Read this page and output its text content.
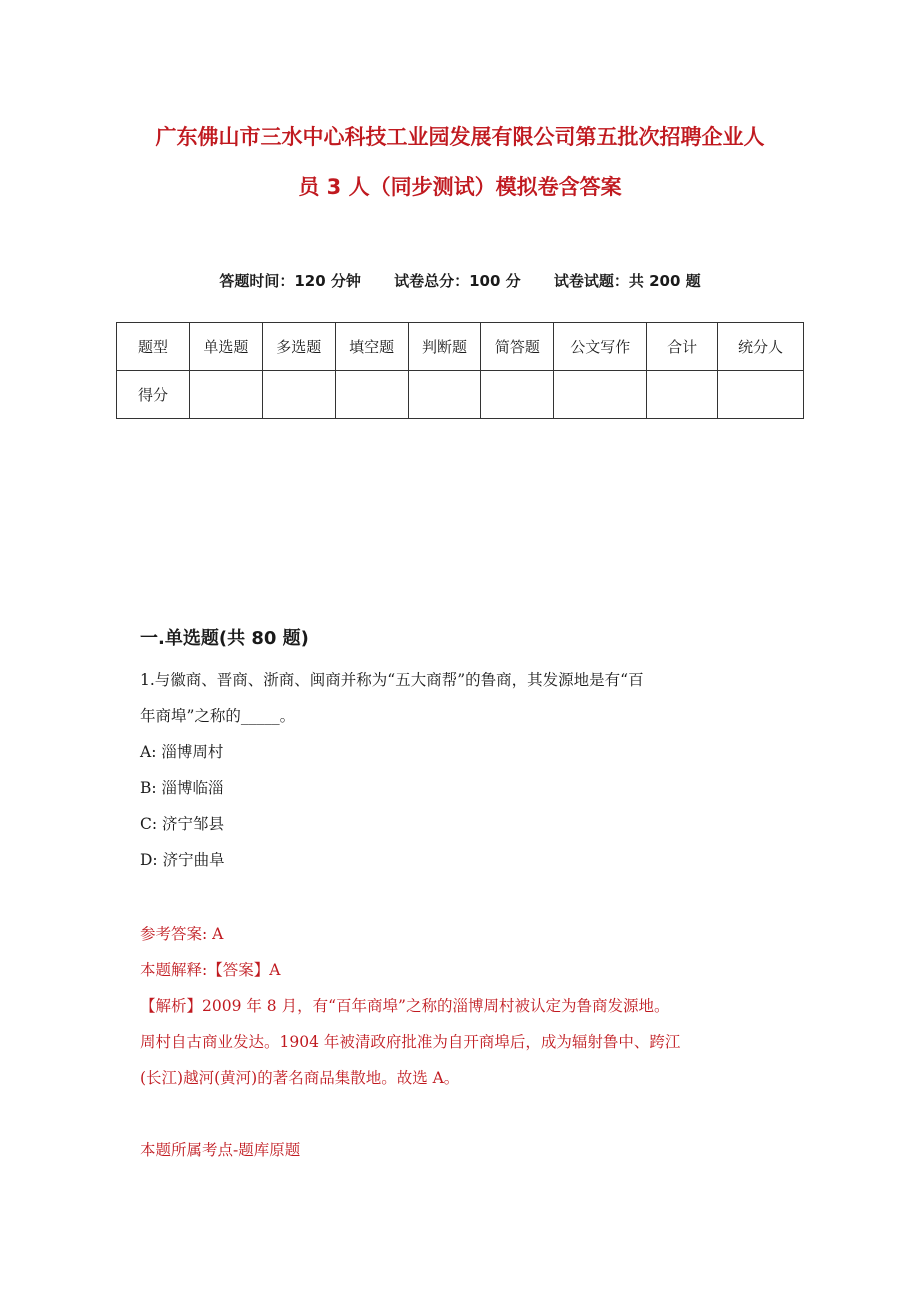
广东佛山市三水中心科技工业园发展有限公司第五批次招聘企业人
员 3 人（同步测试）模拟卷含答案
答题时间：120 分钟 试卷总分：100 分 试卷试题：共 200 题
题型	单选题	多选题	填空题	判断题	简答题	公文写作	合计	统分人
得分								
一.单选题(共 80 题)

1.与徽商、晋商、浙商、闽商并称为“五大商帮”的鲁商，其发源地是有“百

年商埠”之称的_____。

A: 淄博周村

B: 淄博临淄

C: 济宁邹县

D: 济宁曲阜

参考答案: A

本题解释:【答案】A

【解析】2009 年 8 月，有“百年商埠”之称的淄博周村被认定为鲁商发源地。

周村自古商业发达。1904 年被清政府批准为自开商埠后，成为辐射鲁中、跨江

(长江)越河(黄河)的著名商品集散地。故选 A。

本题所属考点-题库原题
